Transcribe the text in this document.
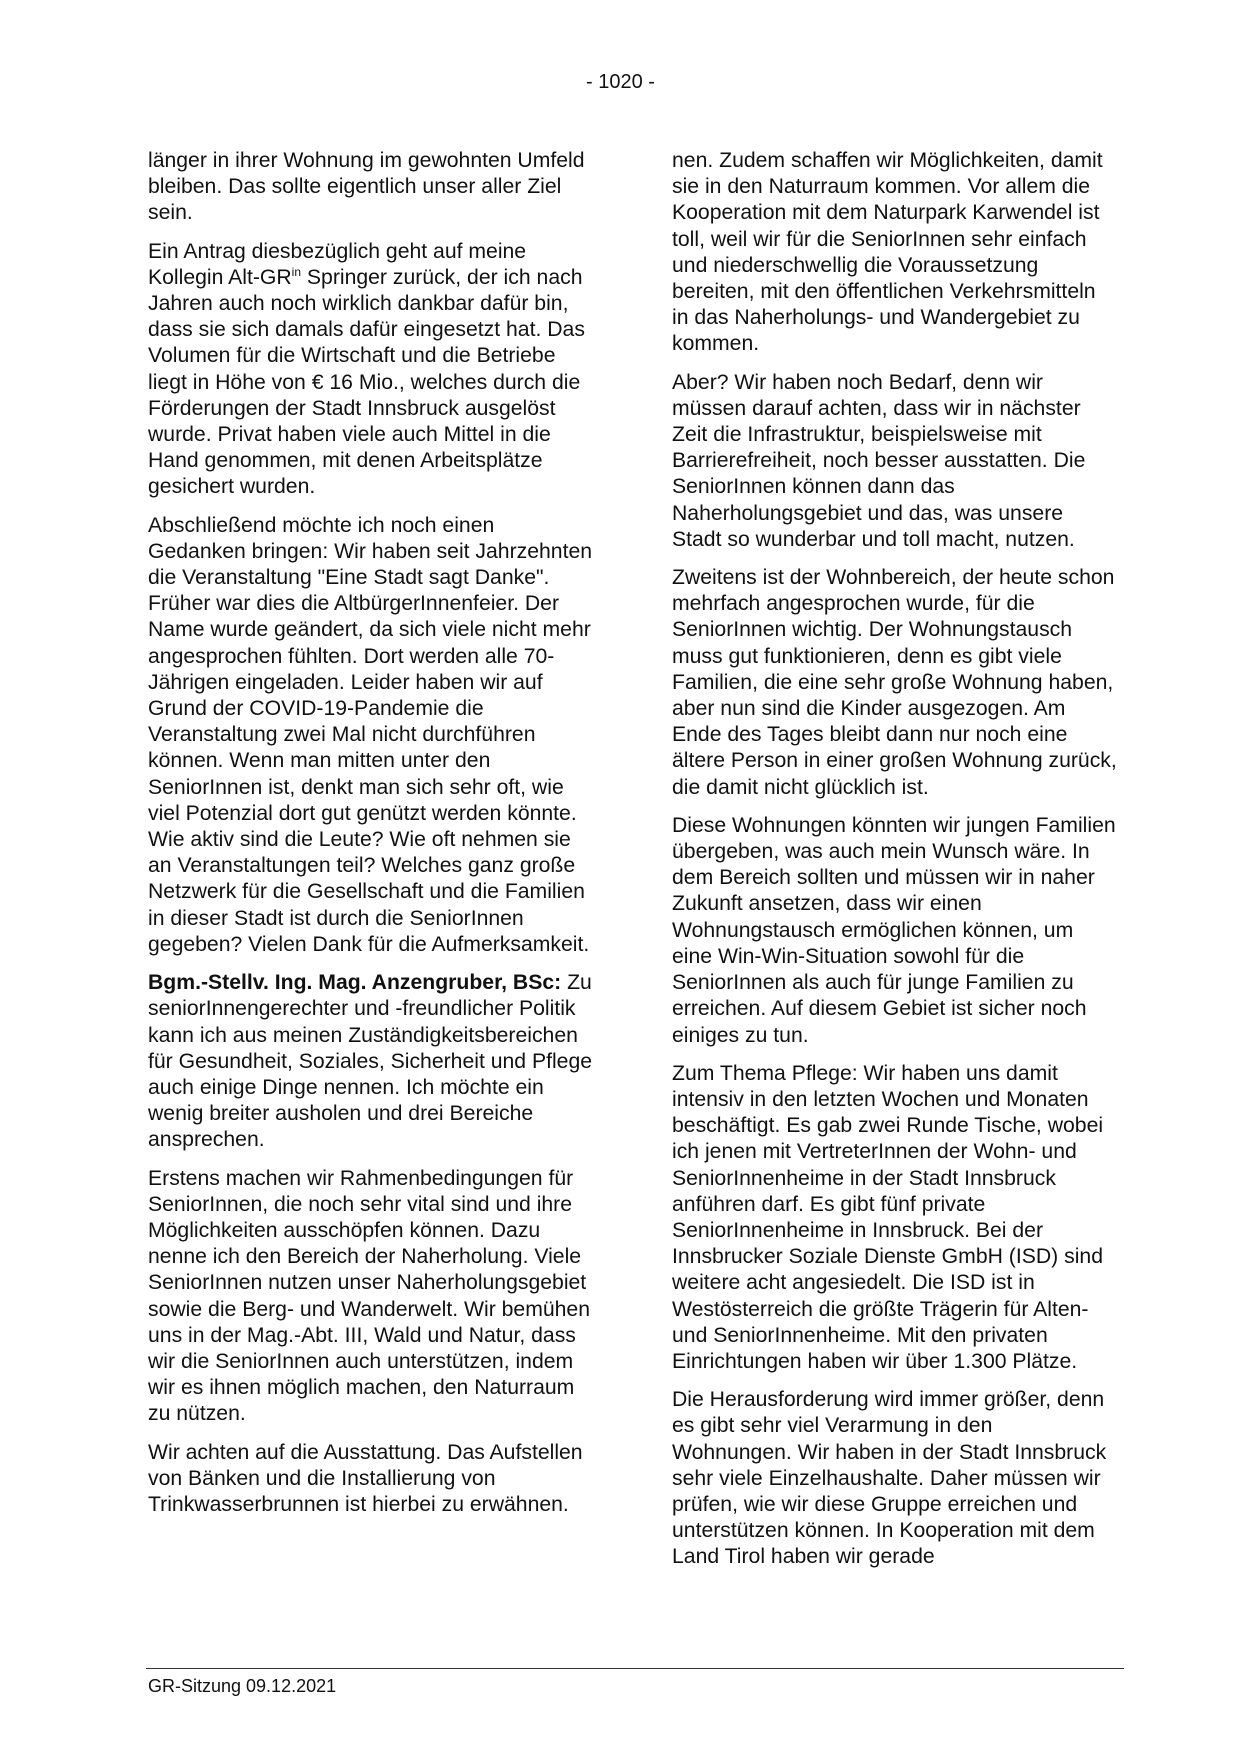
- 1020 -

länger in ihrer Wohnung im gewohnten Umfeld bleiben. Das sollte eigentlich unser aller Ziel sein.

Ein Antrag diesbezüglich geht auf meine Kollegin Alt-$GR^{in}$ Springer zurück, der ich nach Jahren auch noch wirklich dankbar dafür bin, dass sie sich damals dafür eingesetzt hat. Das Volumen für die Wirtschaft und die Betriebe liegt in Höhe von € 16 Mio., welches durch die Förderungen der Stadt Innsbruck ausgelöst wurde. Privat haben viele auch Mittel in die Hand genommen, mit denen Arbeitsplätze gesichert wurden.

Abschließend möchte ich noch einen Gedanken bringen: Wir haben seit Jahrzehnten die Veranstaltung "Eine Stadt sagt Danke". Früher war dies die AltbürgerInnenfeier. Der Name wurde geändert, da sich viele nicht mehr angesprochen fühlten. Dort werden alle 70-Jährigen eingeladen. Leider haben wir auf Grund der COVID-19-Pandemie die Veranstaltung zwei Mal nicht durchführen können. Wenn man mitten unter den SeniorInnen ist, denkt man sich sehr oft, wie viel Potenzial dort gut genützt werden könnte. Wie aktiv sind die Leute? Wie oft nehmen sie an Veranstaltungen teil? Welches ganz große Netzwerk für die Gesellschaft und die Familien in dieser Stadt ist durch die SeniorInnen gegeben? Vielen Dank für die Aufmerksamkeit.

Bgm.-Stellv. Ing. Mag. Anzengruber, BSc: Zu seniorInnengerechter und -freundlicher Politik kann ich aus meinen Zuständigkeitsbereichen für Gesundheit, Soziales, Sicherheit und Pflege auch einige Dinge nennen. Ich möchte ein wenig breiter ausholen und drei Bereiche ansprechen.

Erstens machen wir Rahmenbedingungen für SeniorInnen, die noch sehr vital sind und ihre Möglichkeiten ausschöpfen können. Dazu nenne ich den Bereich der Naherholung. Viele SeniorInnen nutzen unser Naherholungsgebiet sowie die Berg- und Wanderwelt. Wir bemühen uns in der Mag.-Abt. III, Wald und Natur, dass wir die SeniorInnen auch unterstützen, indem wir es ihnen möglich machen, den Naturraum zu nützen.

Wir achten auf die Ausstattung. Das Aufstellen von Bänken und die Installierung von Trinkwasserbrunnen ist hierbei zu erwähnen.

nen. Zudem schaffen wir Möglichkeiten, damit sie in den Naturraum kommen. Vor allem die Kooperation mit dem Naturpark Karwendel ist toll, weil wir für die SeniorInnen sehr einfach und niederschwellig die Voraussetzung bereiten, mit den öffentlichen Verkehrsmitteln in das Naherholungs- und Wandergebiet zu kommen.

Aber? Wir haben noch Bedarf, denn wir müssen darauf achten, dass wir in nächster Zeit die Infrastruktur, beispielsweise mit Barrierefreiheit, noch besser ausstatten. Die SeniorInnen können dann das Naherholungsgebiet und das, was unsere Stadt so wunderbar und toll macht, nutzen.

Zweitens ist der Wohnbereich, der heute schon mehrfach angesprochen wurde, für die SeniorInnen wichtig. Der Wohnungstausch muss gut funktionieren, denn es gibt viele Familien, die eine sehr große Wohnung haben, aber nun sind die Kinder ausgezogen. Am Ende des Tages bleibt dann nur noch eine ältere Person in einer großen Wohnung zurück, die damit nicht glücklich ist.

Diese Wohnungen könnten wir jungen Familien übergeben, was auch mein Wunsch wäre. In dem Bereich sollten und müssen wir in naher Zukunft ansetzen, dass wir einen Wohnungstausch ermöglichen können, um eine Win-Win-Situation sowohl für die SeniorInnen als auch für junge Familien zu erreichen. Auf diesem Gebiet ist sicher noch einiges zu tun.

Zum Thema Pflege: Wir haben uns damit intensiv in den letzten Wochen und Monaten beschäftigt. Es gab zwei Runde Tische, wobei ich jenen mit VertreterInnen der Wohn- und SeniorInnenheime in der Stadt Innsbruck anführen darf. Es gibt fünf private SeniorInnenheime in Innsbruck. Bei der Innsbrucker Soziale Dienste GmbH (ISD) sind weitere acht angesiedelt. Die ISD ist in Westösterreich die größte Trägerin für Alten- und SeniorInnenheime. Mit den privaten Einrichtungen haben wir über 1.300 Plätze.

Die Herausforderung wird immer größer, denn es gibt sehr viel Verarmung in den Wohnungen. Wir haben in der Stadt Innsbruck sehr viele Einzelhaushalte. Daher müssen wir prüfen, wie wir diese Gruppe erreichen und unterstützen können. In Kooperation mit dem Land Tirol haben wir gerade

GR-Sitzung 09.12.2021
